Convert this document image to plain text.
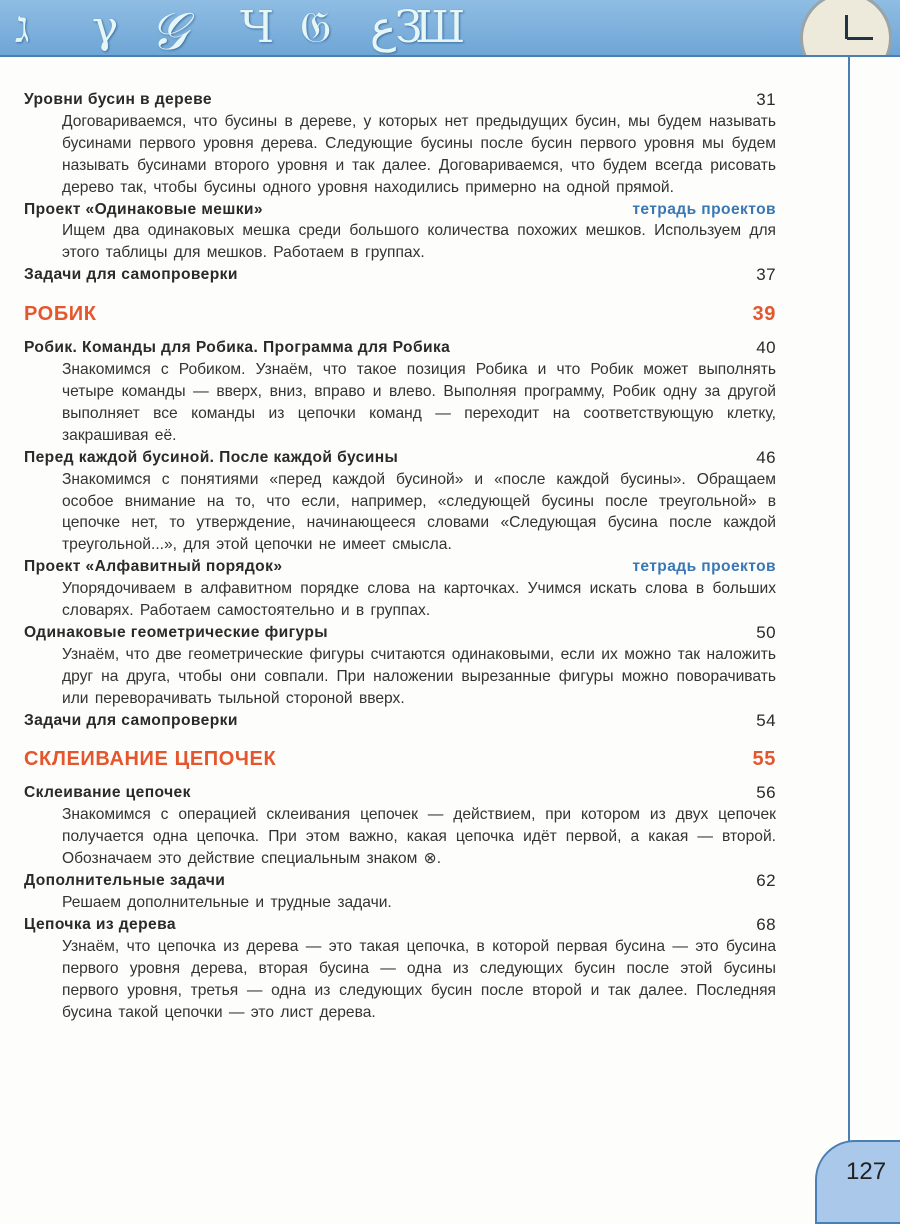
ג γ 𝒢 Ч 𝔊 ع
З
Ш
Уровни бусин в дереве	31
Договариваемся, что бусины в дереве, у которых нет предыдущих бусин, мы будем называть бусинами первого уровня дерева. Следующие бусины после бусин первого уровня мы будем называть бусинами второго уровня и так далее. Договариваемся, что будем всегда рисовать дерево так, чтобы бусины одного уровня находились примерно на одной прямой.
Проект «Одинаковые мешки»	тетрадь проектов
Ищем два одинаковых мешка среди большого количества похожих мешков. Используем для этого таблицы для мешков. Работаем в группах.
Задачи для самопроверки	37
РОБИК	39
Робик. Команды для Робика. Программа для Робика	40
Знакомимся с Робиком. Узнаём, что такое позиция Робика и что Робик может выполнять четыре команды — вверх, вниз, вправо и влево. Выполняя программу, Робик одну за другой выполняет все команды из цепочки команд — переходит на соответствующую клетку, закрашивая её.
Перед каждой бусиной. После каждой бусины	46
Знакомимся с понятиями «перед каждой бусиной» и «после каждой бусины». Обращаем особое внимание на то, что если, например, «следующей бусины после треугольной» в цепочке нет, то утверждение, начинающееся словами «Следующая бусина после каждой треугольной...», для этой цепочки не имеет смысла.
Проект «Алфавитный порядок»	тетрадь проектов
Упорядочиваем в алфавитном порядке слова на карточках. Учимся искать слова в больших словарях. Работаем самостоятельно и в группах.
Одинаковые геометрические фигуры	50
Узнаём, что две геометрические фигуры считаются одинаковыми, если их можно так наложить друг на друга, чтобы они совпали. При наложении вырезанные фигуры можно поворачивать или переворачивать тыльной стороной вверх.
Задачи для самопроверки	54
СКЛЕИВАНИЕ ЦЕПОЧЕК	55
Склеивание цепочек	56
Знакомимся с операцией склеивания цепочек — действием, при котором из двух цепочек получается одна цепочка. При этом важно, какая цепочка идёт первой, а какая — второй. Обозначаем это действие специальным знаком ⊗.
Дополнительные задачи	62
Решаем дополнительные и трудные задачи.
Цепочка из дерева	68
Узнаём, что цепочка из дерева — это такая цепочка, в которой первая бусина — это бусина первого уровня дерева, вторая бусина — одна из следующих бусин после этой бусины первого уровня, третья — одна из следующих бусин после второй и так далее. Последняя бусина такой цепочки — это лист дерева.
127
